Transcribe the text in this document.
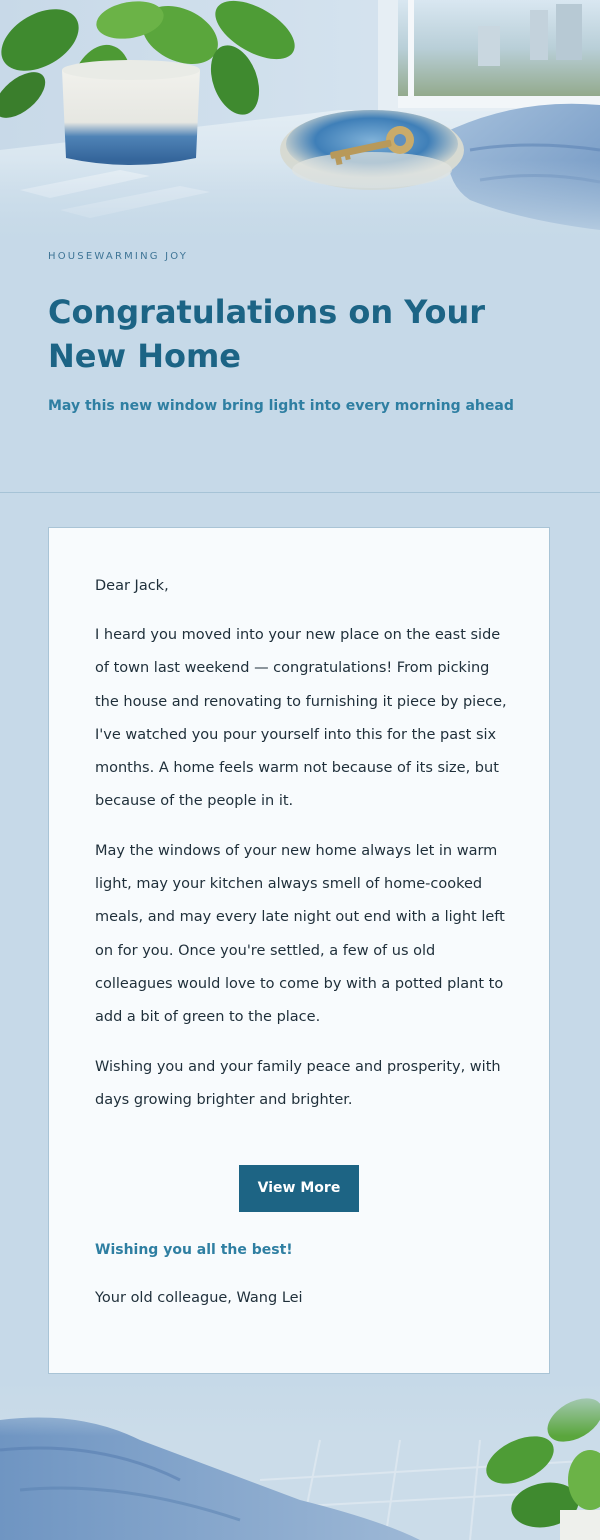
HOUSEWARMING JOY

Congratulations on Your New Home

May this new window bring light into every morning ahead

Dear Jack,

I heard you moved into your new place on the east side of town last weekend — congratulations! From picking the house and renovating to furnishing it piece by piece, I've watched you pour yourself into this for the past six months. A home feels warm not because of its size, but because of the people in it.

May the windows of your new home always let in warm light, may your kitchen always smell of home-cooked meals, and may every late night out end with a light left on for you. Once you're settled, a few of us old colleagues would love to come by with a potted plant to add a bit of green to the place.

Wishing you and your family peace and prosperity, with days growing brighter and brighter.

View More

Wishing you all the best!

Your old colleague, Wang Lei
